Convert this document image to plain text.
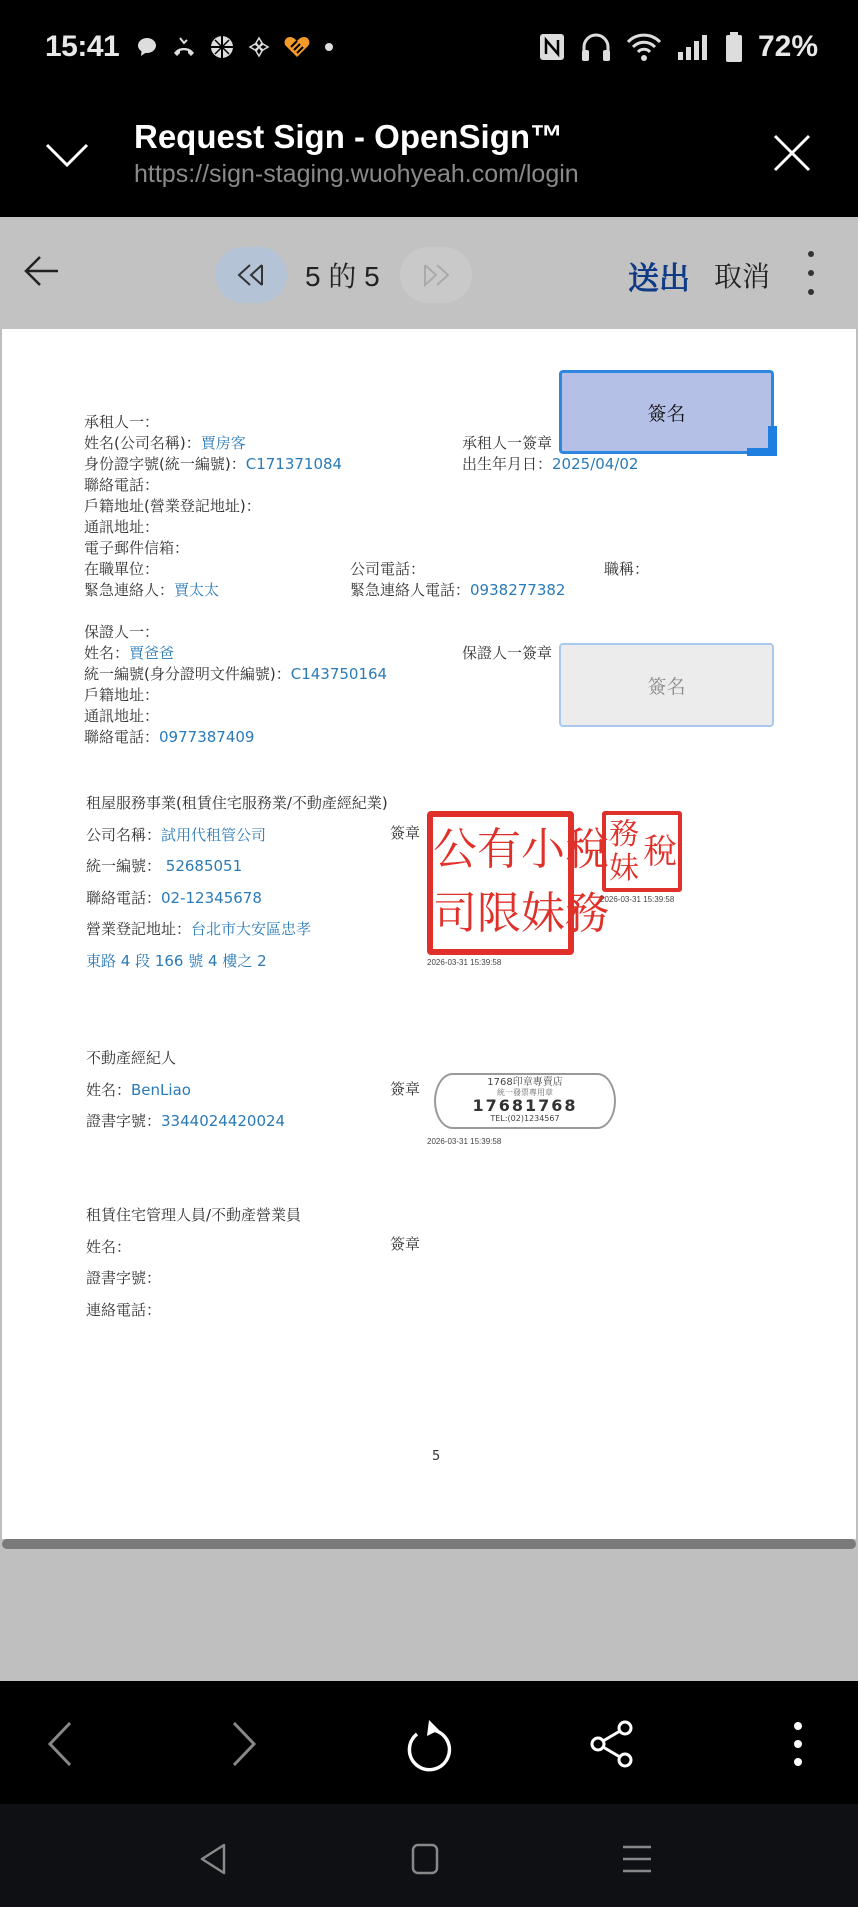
15:41	72%
Request Sign - OpenSign™
https://sign-staging.wuohyeah.com/login
5 的 5	送出 取消
承租人一：
姓名(公司名稱)：賈房客
身份證字號(統一編號)：C171371084
聯絡電話：
戶籍地址(營業登記地址)：
通訊地址：
電子郵件信箱：
在職單位：
緊急連絡人：賈太太
承租人一簽章
出生年月日：2025/04/02
公司電話：	職稱：
緊急連絡人電話：0938277382
簽名
保證人一：
姓名：賈爸爸
統一編號(身分證明文件編號)：C143750164
戶籍地址：
通訊地址：
聯絡電話：0977387409
保證人一簽章
簽名
租屋服務事業(租賃住宅服務業/不動產經紀業)
公司名稱：試用代租管公司
統一編號： 52685051
聯絡電話：02-12345678
營業登記地址：台北市大安區忠孝
東路 4 段 166 號 4 樓之 2
簽章 公 有 小 稅
司 限 妹 務
2026-03-31 15:39:58
務 稅
妹
2026-03-31 15:39:58
不動產經紀人
姓名：BenLiao
證書字號：3344024420024
簽章	1768印章專賣店
統一發票專用章
17681768
TEL:(02)1234567
2026-03-31 15:39:58
租賃住宅管理人員/不動產營業員
姓名：
證書字號：
連絡電話：
簽章
5
